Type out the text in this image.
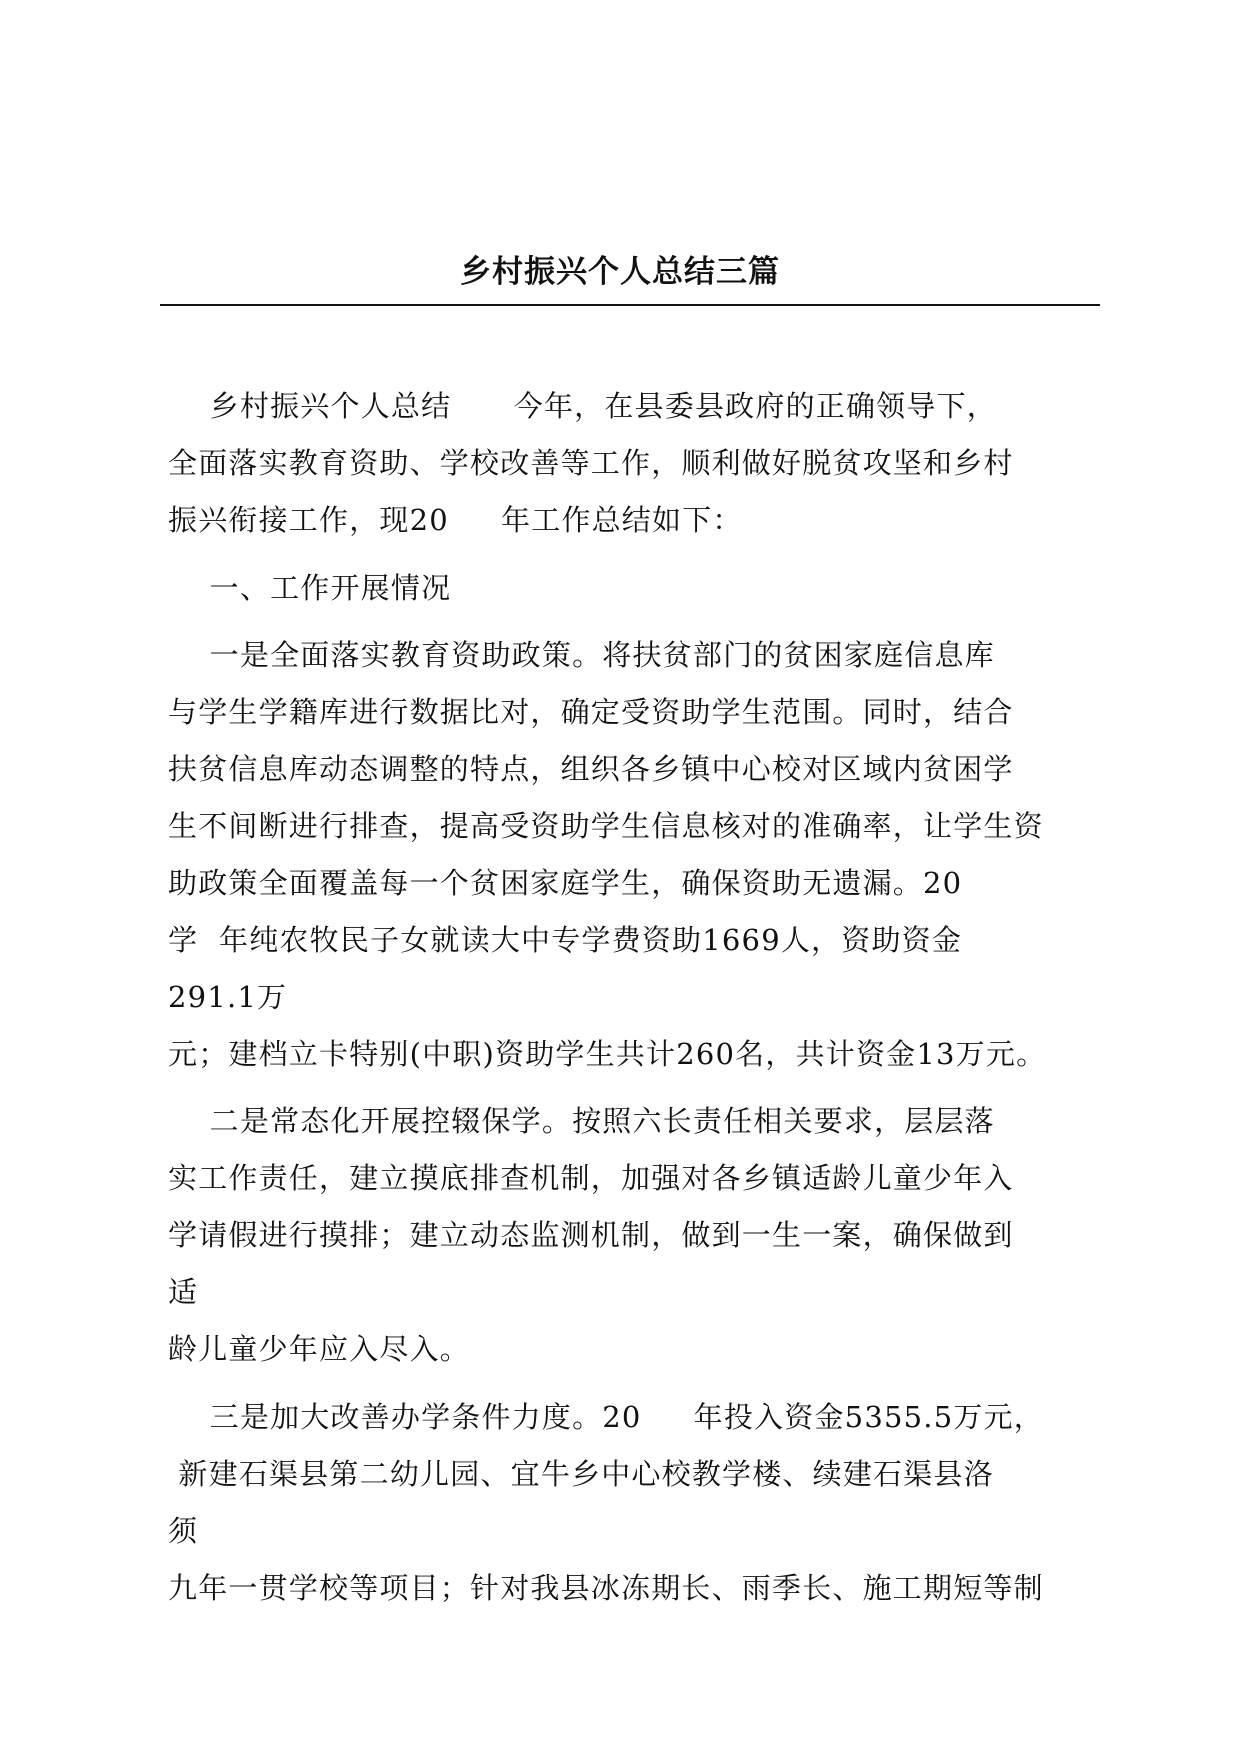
乡村振兴个人总结三篇
乡村振兴个人总结      今年，在县委县政府的正确领导下，
全面落实教育资助、学校改善等工作，顺利做好脱贫攻坚和乡村
振兴衔接工作，现20     年工作总结如下：
一、工作开展情况
一是全面落实教育资助政策。将扶贫部门的贫困家庭信息库
与学生学籍库进行数据比对，确定受资助学生范围。同时，结合
扶贫信息库动态调整的特点，组织各乡镇中心校对区域内贫困学
生不间断进行排查，提高受资助学生信息核对的准确率，让学生资
助政策全面覆盖每一个贫困家庭学生，确保资助无遗漏。20
学  年纯农牧民子女就读大中专学费资助1669人，资助资金
291.1万
元；建档立卡特别(中职)资助学生共计260名，共计资金13万元。
二是常态化开展控辍保学。按照六长责任相关要求，层层落
实工作责任，建立摸底排查机制，加强对各乡镇适龄儿童少年入
学请假进行摸排；建立动态监测机制，做到一生一案，确保做到
适
龄儿童少年应入尽入。
三是加大改善办学条件力度。20     年投入资金5355.5万元，
新建石渠县第二幼儿园、宜牛乡中心校教学楼、续建石渠县洛
须
九年一贯学校等项目；针对我县冰冻期长、雨季长、施工期短等制
